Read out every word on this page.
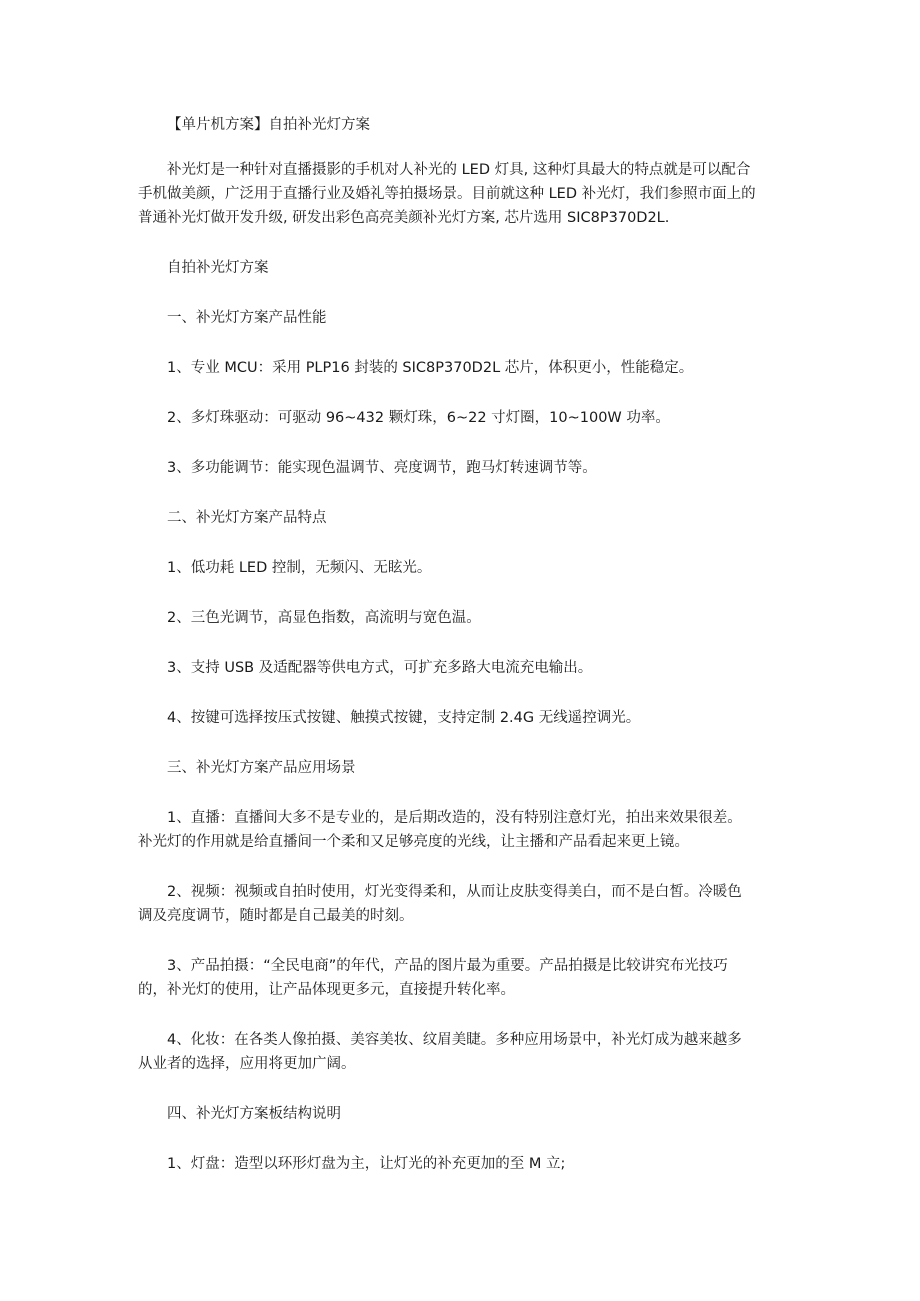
【单片机方案】自拍补光灯方案

补光灯是一种针对直播摄影的手机对人补光的 LED 灯具, 这种灯具最大的特点就是可以配合

手机做美颜，广泛用于直播行业及婚礼等拍摄场景。目前就这种 LED 补光灯，我们参照市面上的

普通补光灯做开发升级, 研发出彩色高亮美颜补光灯方案, 芯片选用 SIC8P370D2L.

自拍补光灯方案

一、补光灯方案产品性能

1、专业 MCU：采用 PLP16 封装的 SIC8P370D2L 芯片，体积更小，性能稳定。

2、多灯珠驱动：可驱动 96~432 颗灯珠，6~22 寸灯圈，10~100W 功率。

3、多功能调节：能实现色温调节、亮度调节，跑马灯转速调节等。

二、补光灯方案产品特点

1、低功耗 LED 控制，无频闪、无眩光。

2、三色光调节，高显色指数，高流明与宽色温。

3、支持 USB 及适配器等供电方式，可扩充多路大电流充电输出。

4、按键可选择按压式按键、触摸式按键，支持定制 2.4G 无线遥控调光。

三、补光灯方案产品应用场景

1、直播：直播间大多不是专业的，是后期改造的，没有特别注意灯光，拍出来效果很差。

补光灯的作用就是给直播间一个柔和又足够亮度的光线，让主播和产品看起来更上镜。

2、视频：视频或自拍时使用，灯光变得柔和，从而让皮肤变得美白，而不是白皙。冷暖色

调及亮度调节，随时都是自己最美的时刻。

3、产品拍摄：“全民电商”的年代，产品的图片最为重要。产品拍摄是比较讲究布光技巧

的，补光灯的使用，让产品体现更多元，直接提升转化率。

4、化妆：在各类人像拍摄、美容美妆、纹眉美睫。多种应用场景中，补光灯成为越来越多

从业者的选择，应用将更加广阔。

四、补光灯方案板结构说明

1、灯盘：造型以环形灯盘为主，让灯光的补充更加的至 M 立;
